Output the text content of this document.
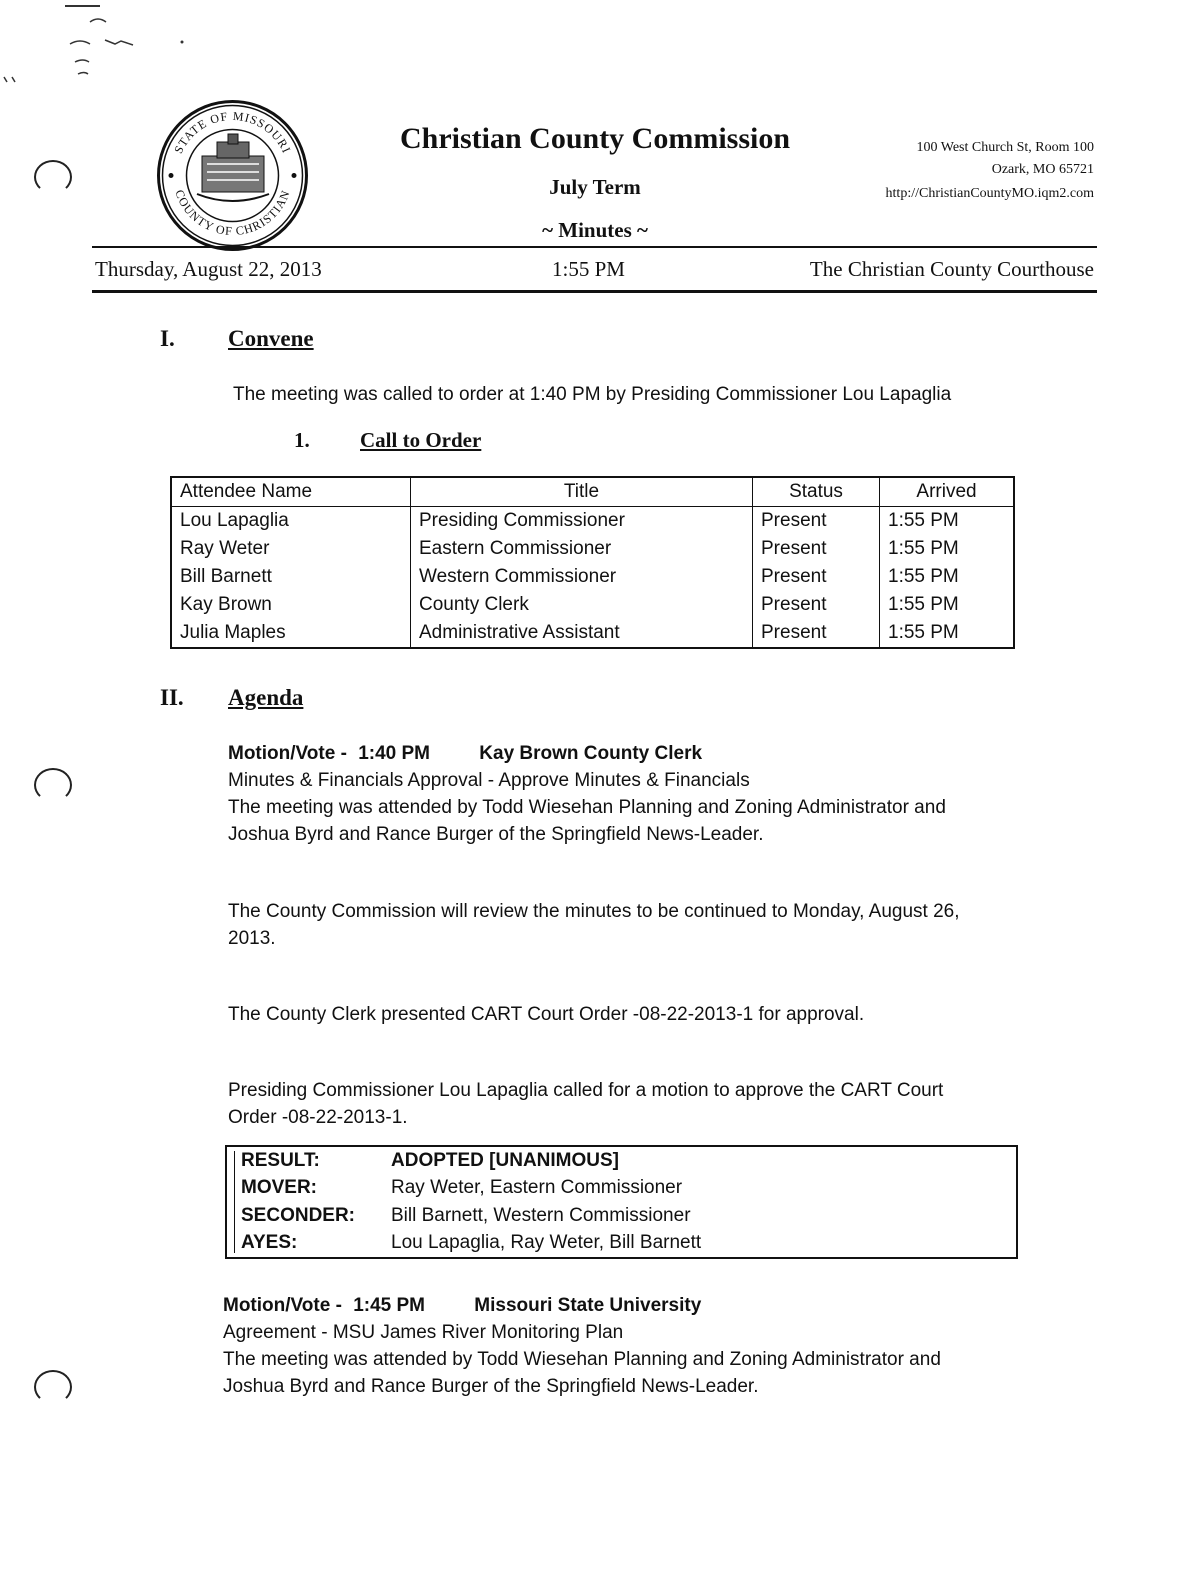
STATE OF MISSOURI
COUNTY OF CHRISTIAN
Christian County Commission
July Term
~ Minutes ~
100 West Church St, Room 100
Ozark, MO 65721
http://ChristianCountyMO.iqm2.com
Thursday, August 22, 2013	1:55 PM	The Christian County Courthouse
I. Convene
The meeting was called to order at 1:40 PM by Presiding Commissioner Lou Lapaglia
1. Call to Order
Attendee Name	Title	Status	Arrived
Lou Lapaglia	Presiding Commissioner	Present	1:55 PM
Ray Weter	Eastern Commissioner	Present	1:55 PM
Bill Barnett	Western Commissioner	Present	1:55 PM
Kay Brown	County Clerk	Present	1:55 PM
Julia Maples	Administrative Assistant	Present	1:55 PM
II. Agenda
Motion/Vote - 1:40 PM	Kay Brown County Clerk
Minutes & Financials Approval - Approve Minutes & Financials
The meeting was attended by Todd Wiesehan Planning and Zoning Administrator and
Joshua Byrd and Rance Burger of the Springfield News-Leader.
The County Commission will review the minutes to be continued to Monday, August 26,
2013.
The County Clerk presented CART Court Order -08-22-2013-1 for approval.
Presiding Commissioner Lou Lapaglia called for a motion to approve the CART Court
Order -08-22-2013-1.
RESULT:	ADOPTED [UNANIMOUS]
MOVER:	Ray Weter, Eastern Commissioner
SECONDER: Bill Barnett, Western Commissioner
AYES:	Lou Lapaglia, Ray Weter, Bill Barnett
Motion/Vote - 1:45 PM	Missouri State University
Agreement - MSU James River Monitoring Plan
The meeting was attended by Todd Wiesehan Planning and Zoning Administrator and
Joshua Byrd and Rance Burger of the Springfield News-Leader.
